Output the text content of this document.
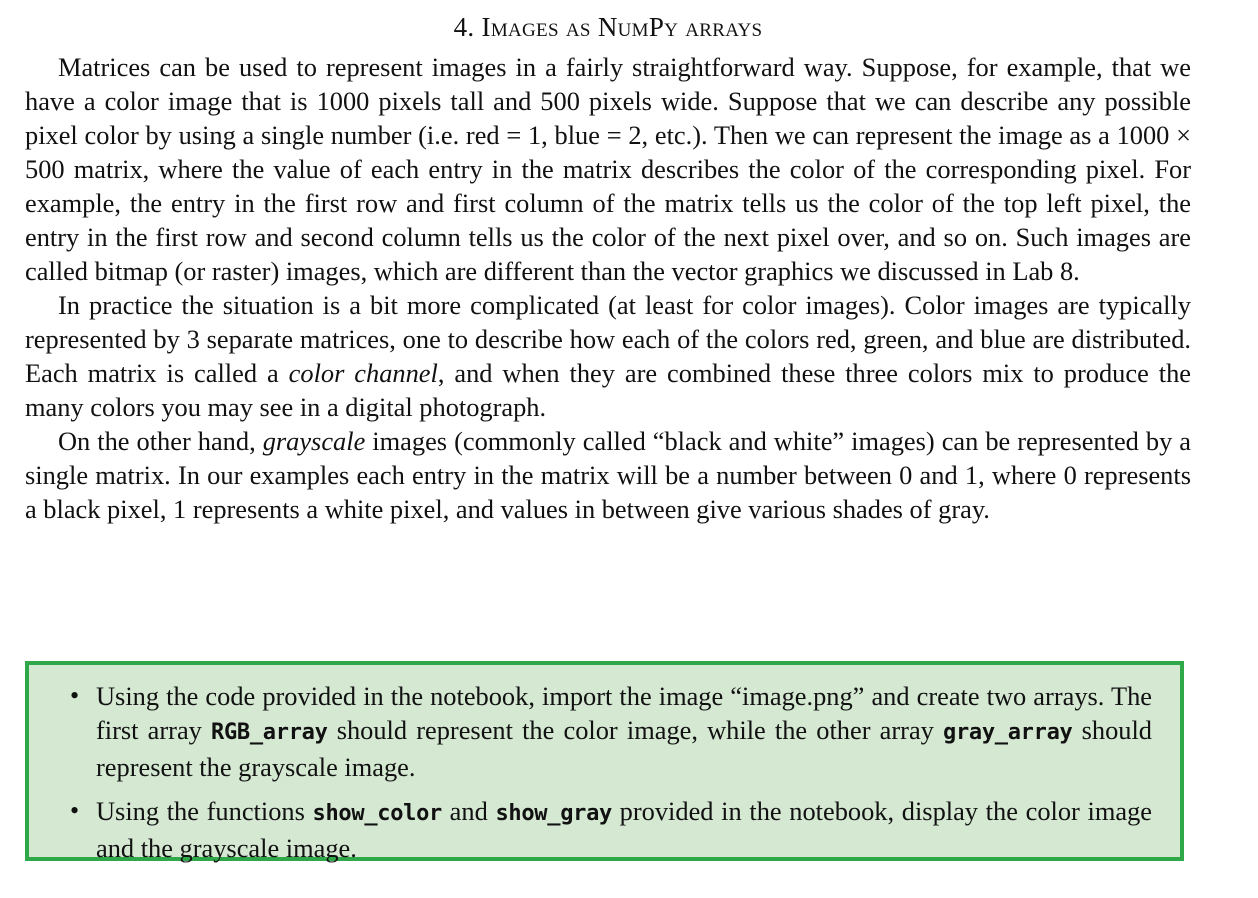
4. Images as NumPy arrays

Matrices can be used to represent images in a fairly straightforward way. Suppose, for example, that we have a color image that is 1000 pixels tall and 500 pixels wide. Suppose that we can describe any possible pixel color by using a single number (i.e. red = 1, blue = 2, etc.). Then we can represent the image as a 1000 × 500 matrix, where the value of each entry in the matrix describes the color of the corresponding pixel. For example, the entry in the first row and first column of the matrix tells us the color of the top left pixel, the entry in the first row and second column tells us the color of the next pixel over, and so on. Such images are called bitmap (or raster) images, which are different than the vector graphics we discussed in Lab 8.

In practice the situation is a bit more complicated (at least for color images). Color images are typically represented by 3 separate matrices, one to describe how each of the colors red, green, and blue are distributed. Each matrix is called a color channel, and when they are combined these three colors mix to produce the many colors you may see in a digital photograph.

On the other hand, grayscale images (commonly called “black and white” images) can be represented by a single matrix. In our examples each entry in the matrix will be a number between 0 and 1, where 0 represents a black pixel, 1 represents a white pixel, and values in between give various shades of gray.

• Using the code provided in the notebook, import the image “image.png” and create two arrays. The first array RGB_array should represent the color image, while the other array gray_array should represent the grayscale image.
• Using the functions show_color and show_gray provided in the notebook, display the color image and the grayscale image.
